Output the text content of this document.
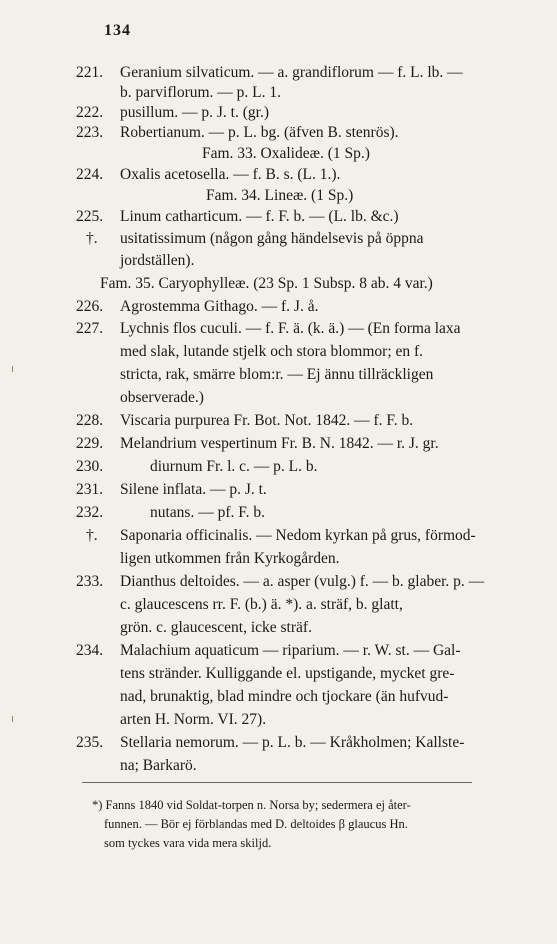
134
221.	Geranium silvaticum. — a. grandiflorum — f. L. lb. —
b. parviflorum. — p. L. 1.
222.	pusillum. — p. J. t. (gr.)
223.	Robertianum. — p. L. bg. (äfven B. stenrös).
Fam. 33. Oxalideæ. (1 Sp.)
224.	Oxalis acetosella. — f. B. s. (L. 1.).
Fam. 34. Lineæ. (1 Sp.)
225.	Linum catharticum. — f. F. b. — (L. lb. &c.)
†.	usitatissimum (någon gång händelsevis på öppna
jordställen).
Fam. 35. Caryophylleæ. (23 Sp. 1 Subsp. 8 ab. 4 var.)
226.	Agrostemma Githago. — f. J. å.
227.	Lychnis flos cuculi. — f. F. ä. (k. ä.) — (En forma laxa
med slak, lutande stjelk och stora blommor; en f.
stricta, rak, smärre blom:r. — Ej ännu tillräckligen
observerade.)
228.	Viscaria purpurea Fr. Bot. Not. 1842. — f. F. b.
229.	Melandrium vespertinum Fr. B. N. 1842. — r. J. gr.
230.	diurnum Fr. l. c. — p. L. b.
231.	Silene inflata. — p. J. t.
232.	nutans. — pf. F. b.
†.	Saponaria officinalis. — Nedom kyrkan på grus, förmod-
ligen utkommen från Kyrkogården.
233.	Dianthus deltoides. — a. asper (vulg.) f. — b. glaber. p. —
c. glaucescens rr. F. (b.) ä. *). a. sträf, b. glatt,
grön. c. glaucescent, icke sträf.
234.	Malachium aquaticum — riparium. — r. W. st. — Gal-
tens stränder. Kulliggande el. upstigande, mycket gre-
nad, brunaktig, blad mindre och tjockare (än hufvud-
arten H. Norm. VI. 27).
235.	Stellaria nemorum. — p. L. b. — Kråkholmen; Kallste-
na; Barkarö.
*) Fanns 1840 vid Soldat-torpen n. Norsa by; sedermera ej åter-
funnen. — Bör ej förblandas med D. deltoides β glaucus Hn.
som tyckes vara vida mera skiljd.
